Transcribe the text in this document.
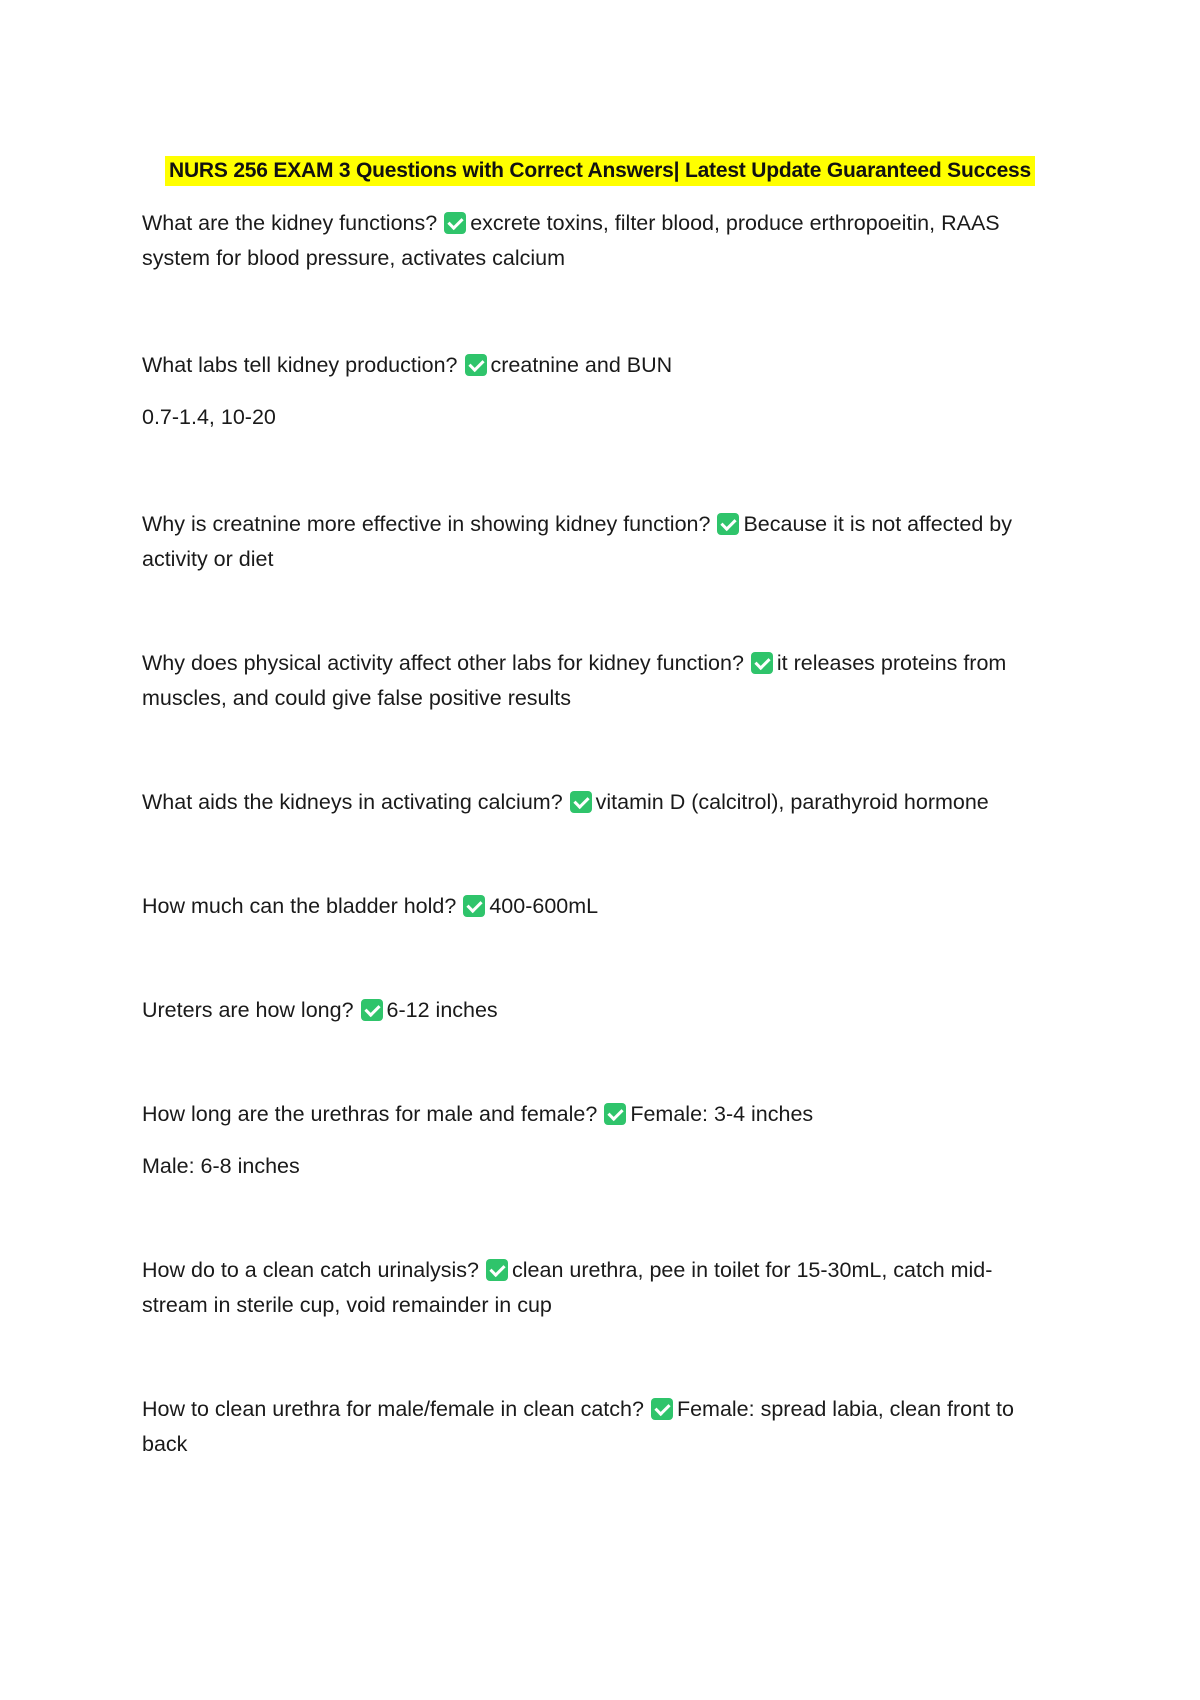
NURS 256 EXAM 3 Questions with Correct Answers| Latest Update Guaranteed Success

What are the kidney functions? excrete toxins, filter blood, produce erthropoeitin, RAAS system for blood pressure, activates calcium

What labs tell kidney production? creatnine and BUN

0.7-1.4, 10-20

Why is creatnine more effective in showing kidney function? Because it is not affected by activity or diet

Why does physical activity affect other labs for kidney function? it releases proteins from muscles, and could give false positive results

What aids the kidneys in activating calcium? vitamin D (calcitrol), parathyroid hormone

How much can the bladder hold? 400-600mL

Ureters are how long? 6-12 inches

How long are the urethras for male and female? Female: 3-4 inches

Male: 6-8 inches

How do to a clean catch urinalysis? clean urethra, pee in toilet for 15-30mL, catch mid-stream in sterile cup, void remainder in cup

How to clean urethra for male/female in clean catch? Female: spread labia, clean front to back
